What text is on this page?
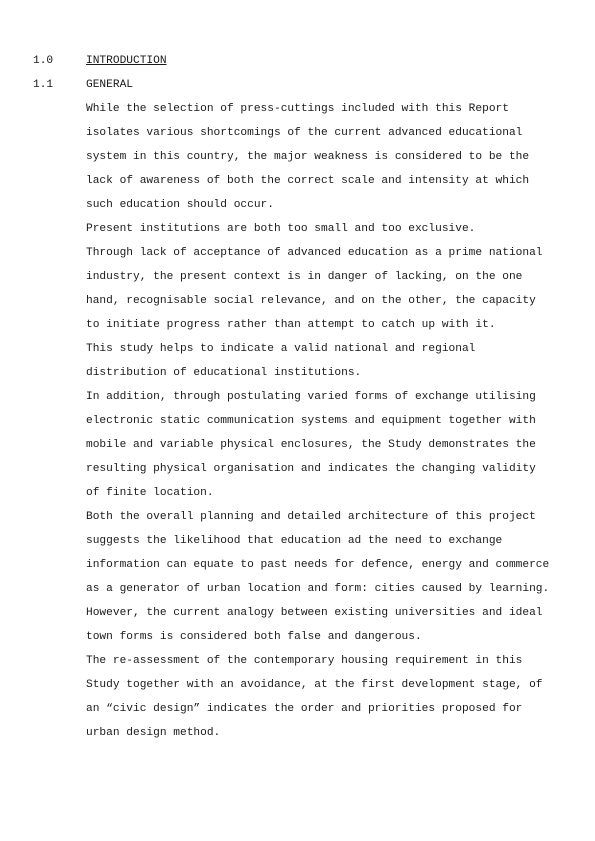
1.0	INTRODUCTION
1.1	GENERAL
While the selection of press-cuttings included with this Report
isolates various shortcomings of the current advanced educational
system in this country, the major weakness is considered to be the
lack of awareness of both the correct scale and intensity at which
such education should occur.
Present institutions are both too small and too exclusive.
Through lack of acceptance of advanced education as a prime national
industry, the present context is in danger of lacking, on the one
hand, recognisable social relevance, and on the other, the capacity
to initiate progress rather than attempt to catch up with it.
This study helps to indicate a valid national and regional
distribution of educational institutions.
In addition, through postulating varied forms of exchange utilising
electronic static communication systems and equipment together with
mobile and variable physical enclosures, the Study demonstrates the
resulting physical organisation and indicates the changing validity
of finite location.
Both the overall planning and detailed architecture of this project
suggests the likelihood that education ad the need to exchange
information can equate to past needs for defence, energy and commerce
as a generator of urban location and form: cities caused by learning.
However, the current analogy between existing universities and ideal
town forms is considered both false and dangerous.
The re-assessment of the contemporary housing requirement in this
Study together with an avoidance, at the first development stage, of
an “civic design” indicates the order and priorities proposed for
urban design method.
